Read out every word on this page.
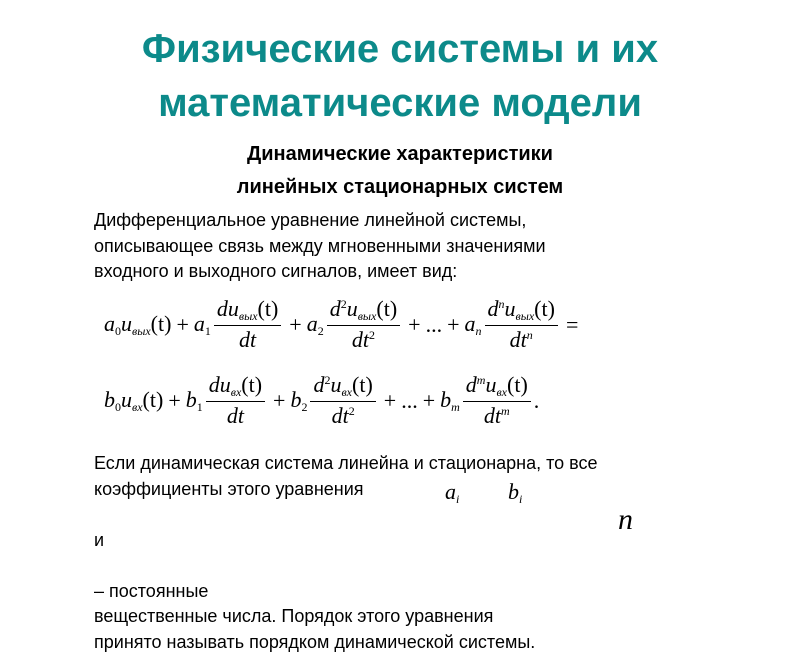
Физические системы и их
математические модели
Динамические характеристики
линейных стационарных систем
Дифференциальное уравнение линейной системы,
описывающее связь между мгновенными значениями
входного и выходного сигналов, имеет вид:
$a_0$ $u_{вых}(t) + a_1 \frac{du_{вых}(t)}{dt} + a_2 \frac{d^2u_{вых}(t)}{dt^2}$ + ... + $a_n \frac{d^nu_{вых}(t)}{dt^n}$ =
$b_0$ $u_{вх}(t) + b_1 \frac{du_{вх}(t)}{dt} + b_2 \frac{d^2u_{вх}(t)}{dt^2}$ + ... + $b_m \frac{d^mu_{вх}(t)}{dt^m}$ .
Если динамическая система линейна и стационарна, то все
коэффициенты этого уравнения
и
– постоянные
вещественные числа. Порядок этого уравнения
принято называть порядком динамической системы.
$a_i$ $b_i$
n
